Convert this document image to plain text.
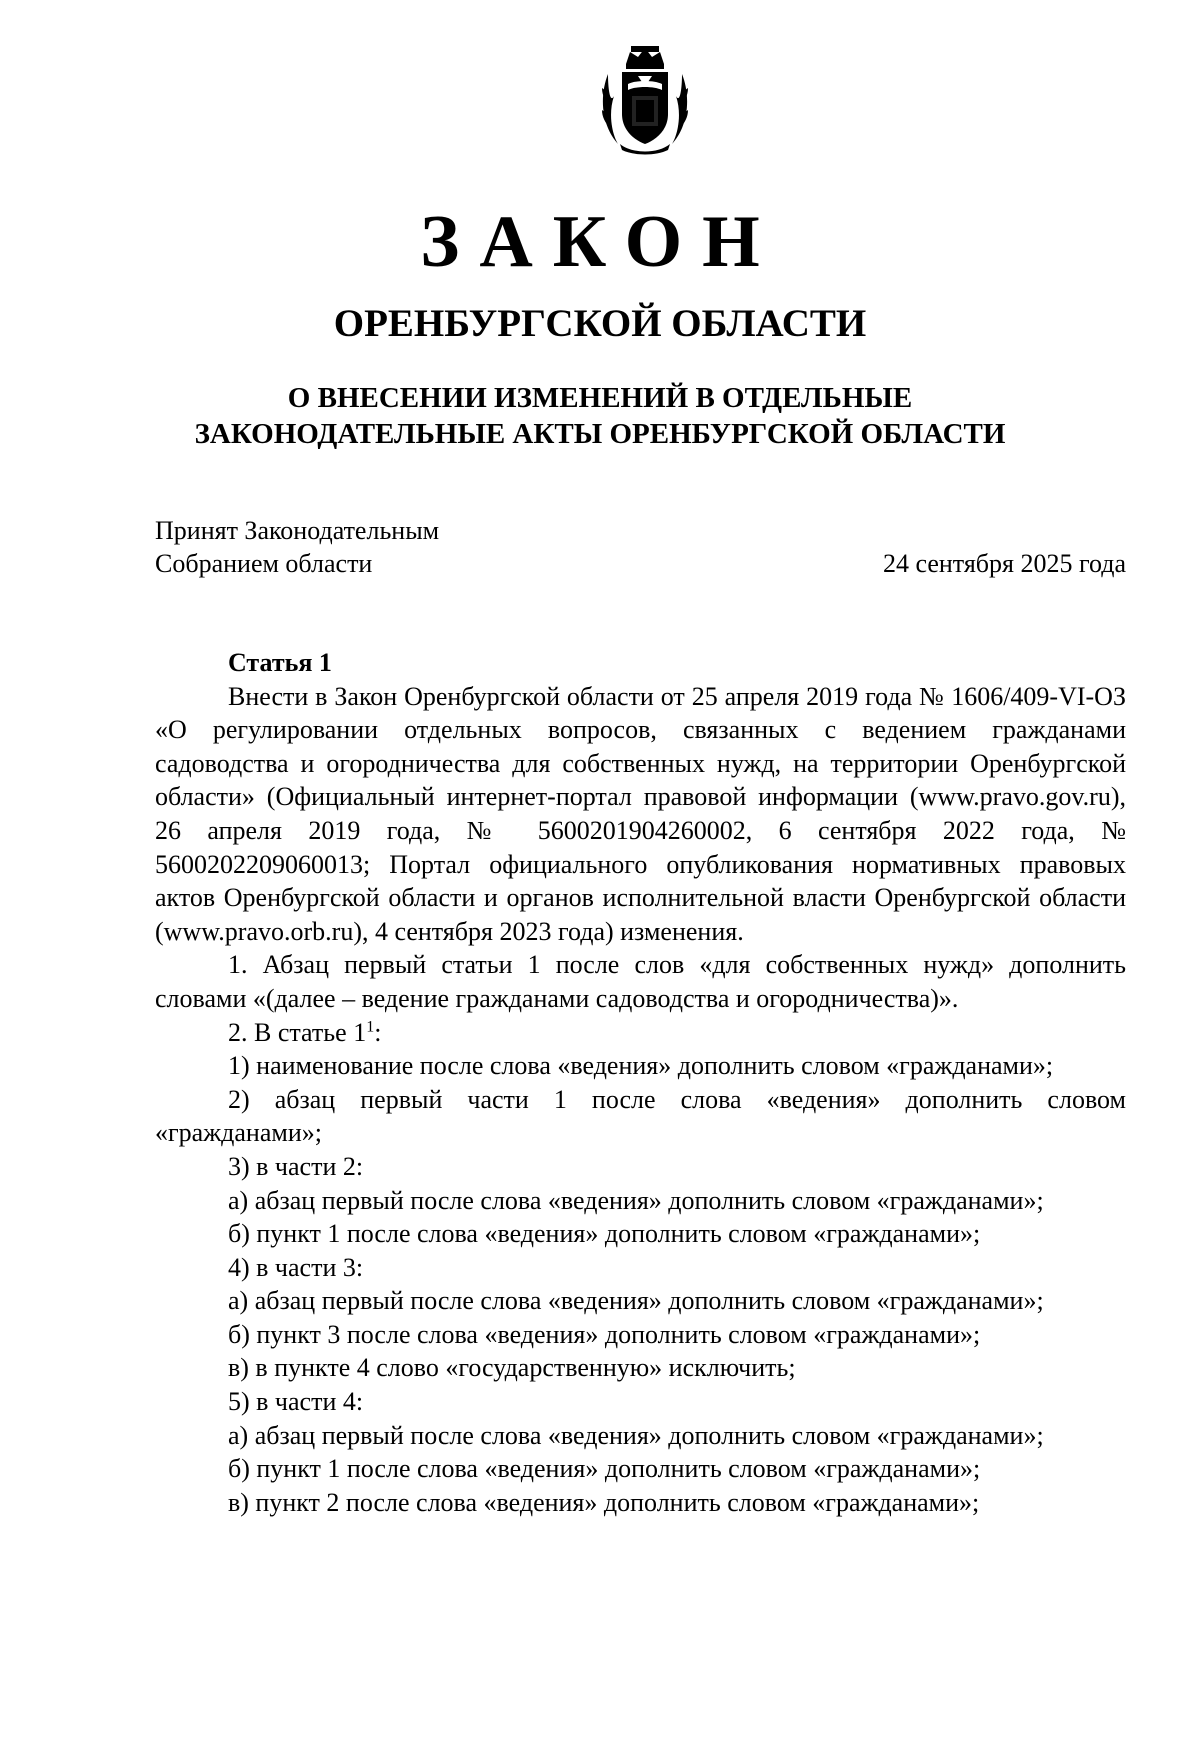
ЗАКОН
ОРЕНБУРГСКОЙ ОБЛАСТИ
О ВНЕСЕНИИ ИЗМЕНЕНИЙ В ОТДЕЛЬНЫЕ
ЗАКОНОДАТЕЛЬНЫЕ АКТЫ ОРЕНБУРГСКОЙ ОБЛАСТИ
Принят Законодательным
Собранием области	24 сентября 2025 года

Статья 1

Внести в Закон Оренбургской области от 25 апреля 2019 года № 1606/409-VI-ОЗ «О регулировании отдельных вопросов, связанных с ведением гражданами садоводства и огородничества для собственных нужд, на территории Оренбургской области» (Официальный интернет-портал правовой информации (www.pravo.gov.ru), 26 апреля 2019 года, № 5600201904260002, 6 сентября 2022 года, № 5600202209060013; Портал официального опубликования нормативных правовых актов Оренбургской области и органов исполнительной власти Оренбургской области (www.pravo.orb.ru), 4 сентября 2023 года) изменения.

1. Абзац первый статьи 1 после слов «для собственных нужд» дополнить словами «(далее – ведение гражданами садоводства и огородничества)».

2. В статье $1^1$:

1) наименование после слова «ведения» дополнить словом «гражданами»;

2) абзац первый части 1 после слова «ведения» дополнить словом «гражданами»;

3) в части 2:

а) абзац первый после слова «ведения» дополнить словом «гражданами»;

б) пункт 1 после слова «ведения» дополнить словом «гражданами»;

4) в части 3:

а) абзац первый после слова «ведения» дополнить словом «гражданами»;

б) пункт 3 после слова «ведения» дополнить словом «гражданами»;

в) в пункте 4 слово «государственную» исключить;

5) в части 4:

а) абзац первый после слова «ведения» дополнить словом «гражданами»;

б) пункт 1 после слова «ведения» дополнить словом «гражданами»;

в) пункт 2 после слова «ведения» дополнить словом «гражданами»;
